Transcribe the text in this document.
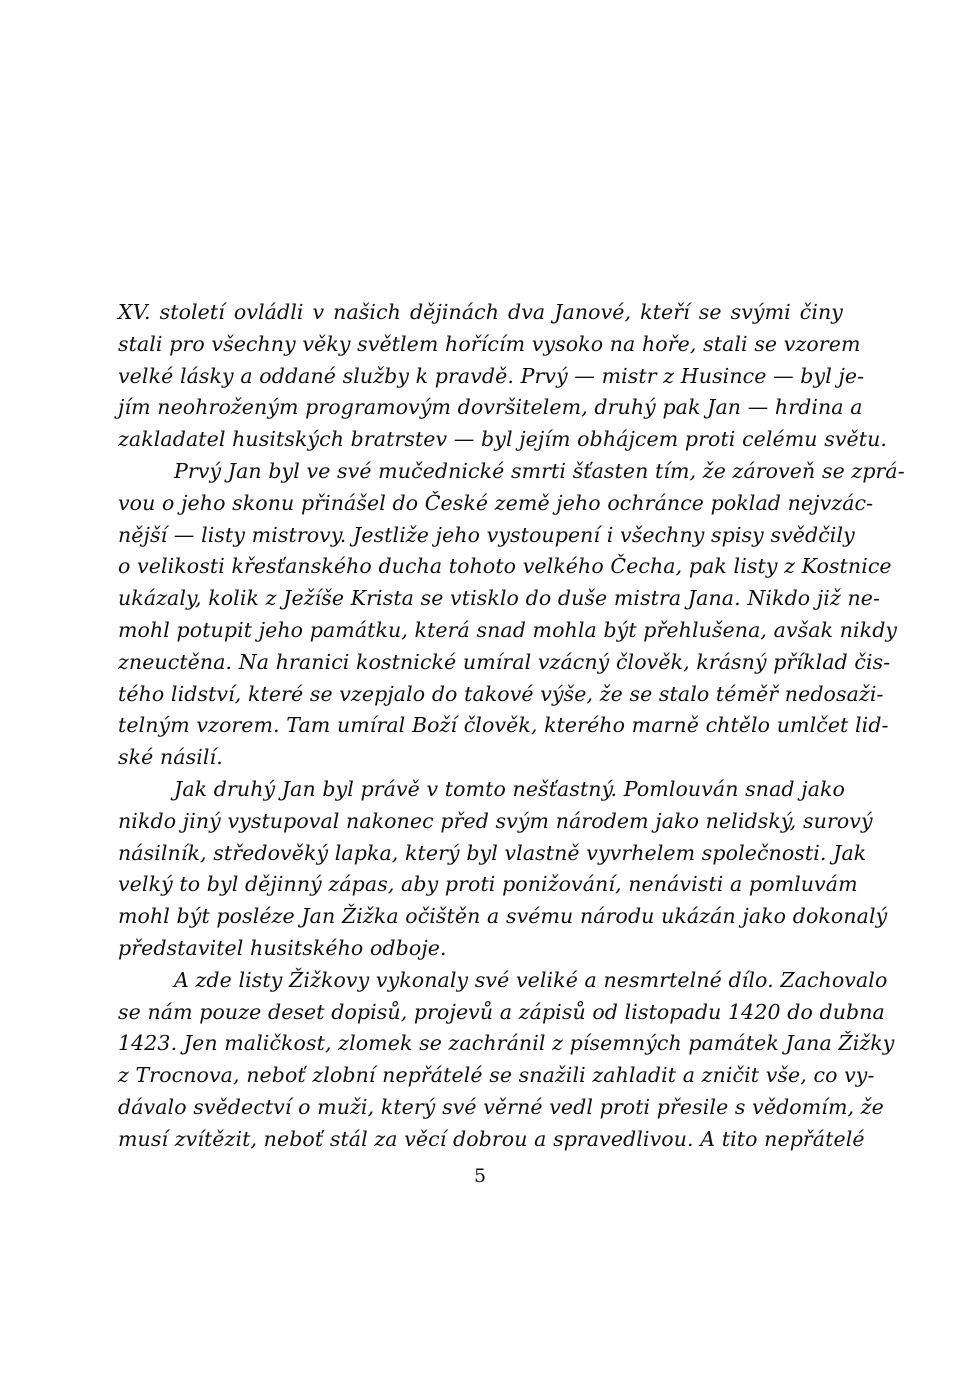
XV. století ovládli v našich dějinách dva Janové, kteří se svými činy
stali pro všechny věky světlem hořícím vysoko na hoře, stali se vzorem
velké lásky a oddané služby k pravdě. Prvý — mistr z Husince — byl je-
jím neohroženým programovým dovršitelem, druhý pak Jan — hrdina a
zakladatel husitských bratrstev — byl jejím obhájcem proti celému světu.
Prvý Jan byl ve své mučednické smrti šťasten tím, že zároveň se zprá-
vou o jeho skonu přinášel do České země jeho ochránce poklad nejvzác-
nější — listy mistrovy. Jestliže jeho vystoupení i všechny spisy svědčily
o velikosti křesťanského ducha tohoto velkého Čecha, pak listy z Kostnice
ukázaly, kolik z Ježíše Krista se vtisklo do duše mistra Jana. Nikdo již ne-
mohl potupit jeho památku, která snad mohla být přehlušena, avšak nikdy
zneuctěna. Na hranici kostnické umíral vzácný člověk, krásný příklad čis-
tého lidství, které se vzepjalo do takové výše, že se stalo téměř nedosaži-
telným vzorem. Tam umíral Boží člověk, kterého marně chtělo umlčet lid-
ské násilí.
Jak druhý Jan byl právě v tomto nešťastný. Pomlouván snad jako
nikdo jiný vystupoval nakonec před svým národem jako nelidský, surový
násilník, středověký lapka, který byl vlastně vyvrhelem společnosti. Jak
velký to byl dějinný zápas, aby proti ponižování, nenávisti a pomluvám
mohl být posléze Jan Žižka očištěn a svému národu ukázán jako dokonalý
představitel husitského odboje.
A zde listy Žižkovy vykonaly své veliké a nesmrtelné dílo. Zachovalo
se nám pouze deset dopisů, projevů a zápisů od listopadu 1420 do dubna
1423. Jen maličkost, zlomek se zachránil z písemných památek Jana Žižky
z Trocnova, neboť zlobní nepřátelé se snažili zahladit a zničit vše, co vy-
dávalo svědectví o muži, který své věrné vedl proti přesile s vědomím, že
musí zvítězit, neboť stál za věcí dobrou a spravedlivou. A tito nepřátelé
5
